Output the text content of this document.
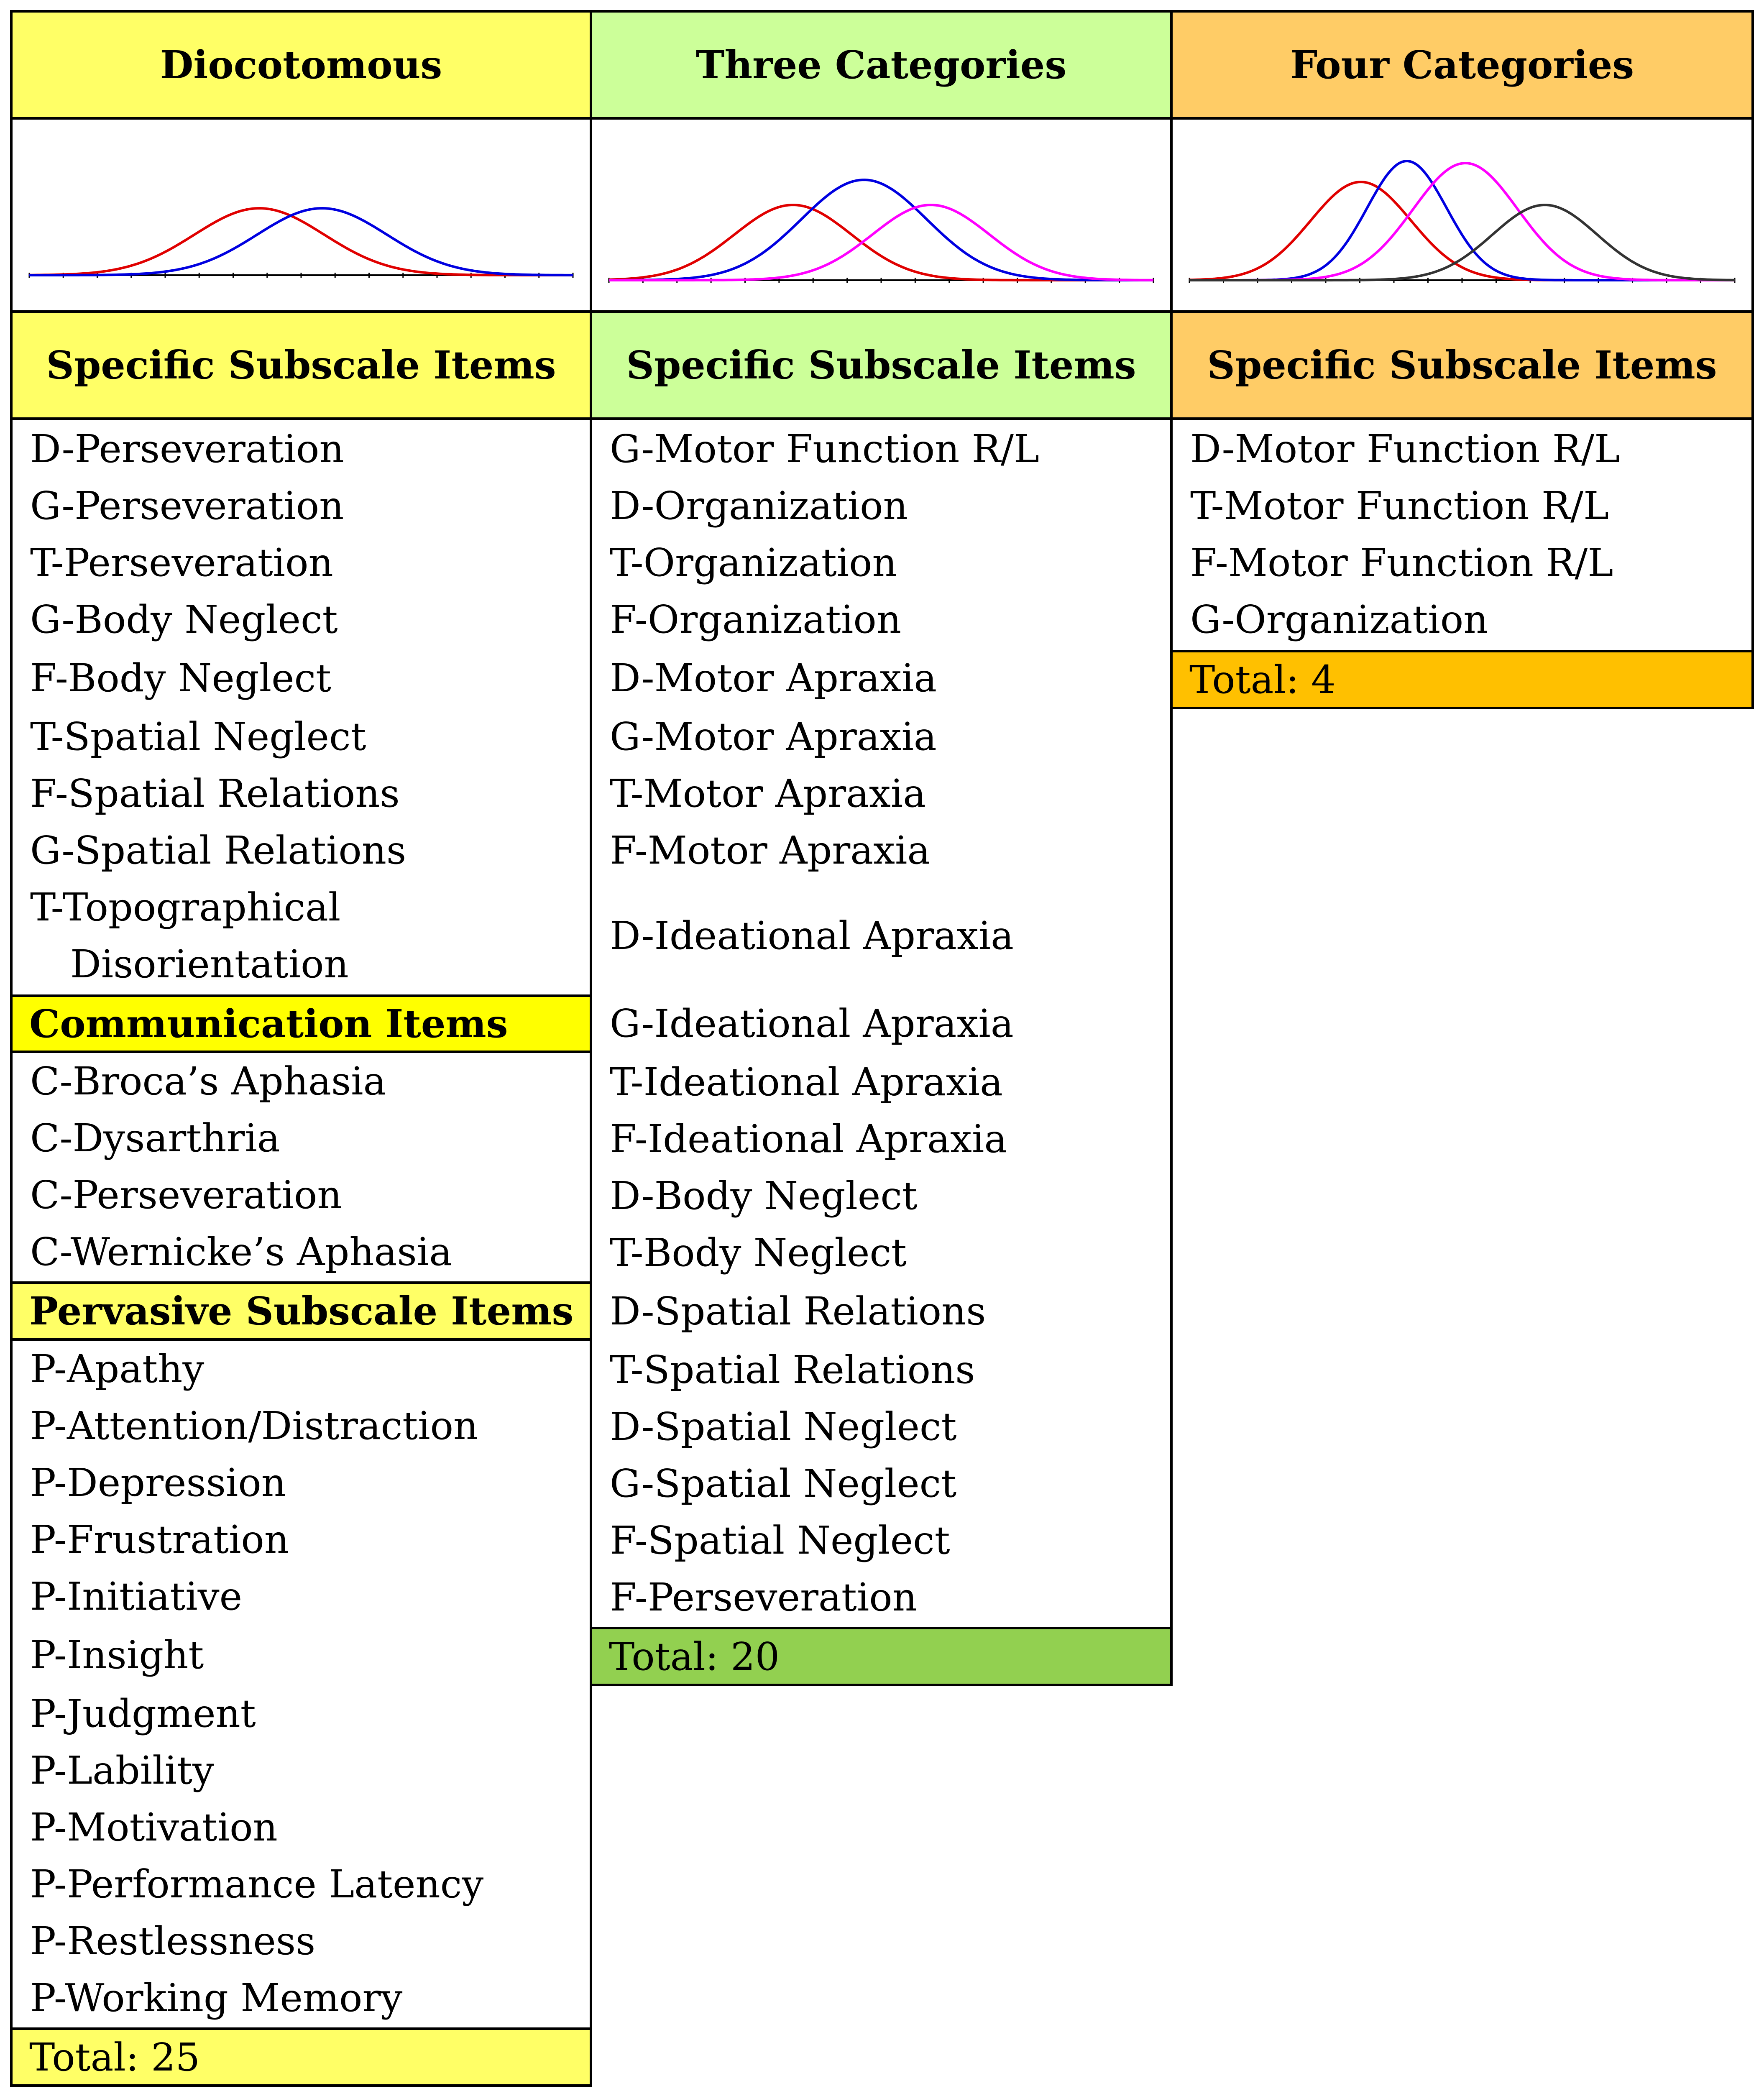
Diocotomous
Specific Subscale Items
D-Perseveration
G-Perseveration
T-Perseveration
G-Body Neglect
F-Body Neglect
T-Spatial Neglect
F-Spatial Relations
G-Spatial Relations
T-Topographical
Disorientation
Communication Items
C-Broca’s Aphasia
C-Dysarthria
C-Perseveration
C-Wernicke’s Aphasia
Pervasive Subscale Items
P-Apathy
P-Attention/Distraction
P-Depression
P-Frustration
P-Initiative
P-Insight
P-Judgment
P-Lability
P-Motivation
P-Performance Latency
P-Restlessness
P-Working Memory
Total: 25
Three Categories
Specific Subscale Items
G-Motor Function R/L
D-Organization
T-Organization
F-Organization
D-Motor Apraxia
G-Motor Apraxia
T-Motor Apraxia
F-Motor Apraxia
D-Ideational Apraxia
G-Ideational Apraxia
T-Ideational Apraxia
F-Ideational Apraxia
D-Body Neglect
T-Body Neglect
D-Spatial Relations
T-Spatial Relations
D-Spatial Neglect
G-Spatial Neglect
F-Spatial Neglect
F-Perseveration
Total: 20
Four Categories
Specific Subscale Items
D-Motor Function R/L
T-Motor Function R/L
F-Motor Function R/L
G-Organization
Total: 4
